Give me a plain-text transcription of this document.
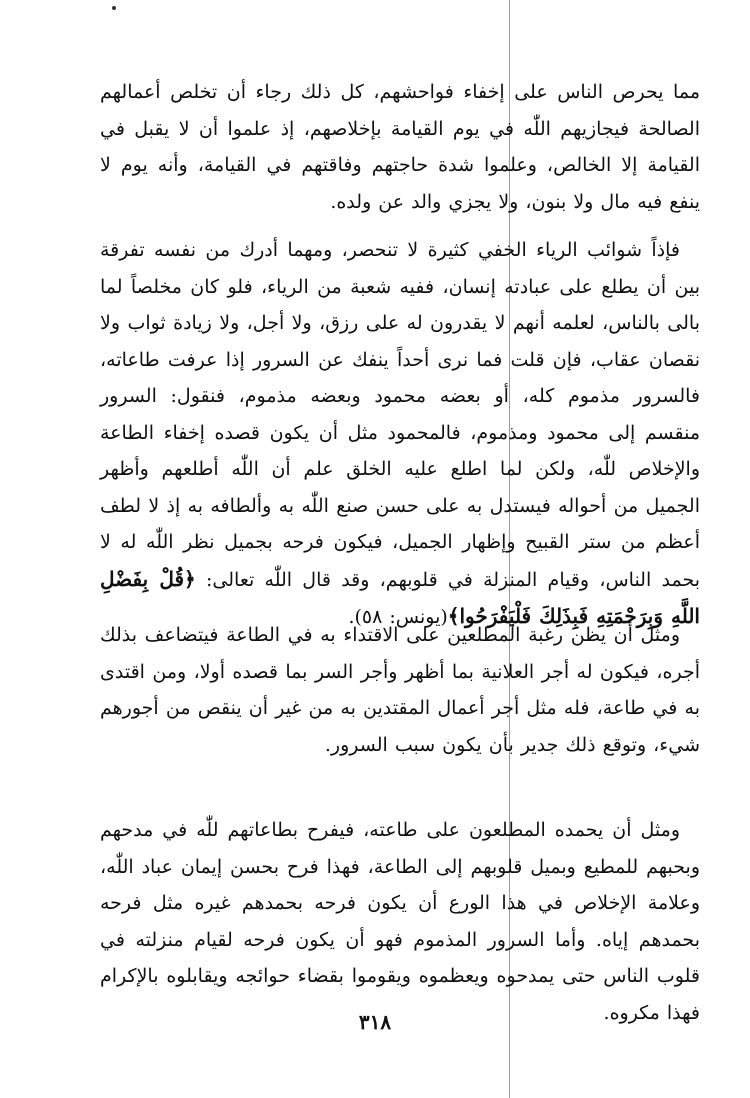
مما يحرص الناس على إخفاء فواحشهم، كل ذلك رجاء أن تخلص أعمالهم الصالحة فيجازيهم اللّٰه في يوم القيامة بإخلاصهم، إذ علموا أن لا يقبل في القيامة إلا الخالص، وعلموا شدة حاجتهم وفاقتهم في القيامة، وأنه يوم لا ينفع فيه مال ولا بنون، ولا يجزي والد عن ولده.

فإذاً شوائب الرياء الخفي كثيرة لا تنحصر، ومهما أدرك من نفسه تفرقة بين أن يطلع على عبادته إنسان، ففيه شعبة من الرياء، فلو كان مخلصاً لما بالى بالناس، لعلمه أنهم لا يقدرون له على رزق، ولا أجل، ولا زيادة ثواب ولا نقصان عقاب، فإن قلت فما نرى أحداً ينفك عن السرور إذا عرفت طاعاته، فالسرور مذموم كله، أو بعضه محمود وبعضه مذموم، فنقول: السرور منقسم إلى محمود ومذموم، فالمحمود مثل أن يكون قصده إخفاء الطاعة والإخلاص للّٰه، ولكن لما اطلع عليه الخلق علم أن اللّٰه أطلعهم وأظهر الجميل من أحواله فيستدل به على حسن صنع اللّٰه به وألطافه به إذ لا لطف أعظم من ستر القبيح وإظهار الجميل، فيكون فرحه بجميل نظر اللّٰه له لا بحمد الناس، وقيام المنزلة في قلوبهم، وقد قال اللّٰه تعالى: ﴿قُلْ بِفَضْلِ اللَّهِ وَبِرَحْمَتِهِ فَبِذَلِكَ فَلْيَفْرَحُوا﴾(يونس: ٥٨).

ومثل أن يظن رغبة المطلعين على الاقتداء به في الطاعة فيتضاعف بذلك أجره، فيكون له أجر العلانية بما أظهر وأجر السر بما قصده أولا، ومن اقتدى به في طاعة، فله مثل أجر أعمال المقتدين به من غير أن ينقص من أجورهم شيء، وتوقع ذلك جدير بأن يكون سبب السرور.

ومثل أن يحمده المطلعون على طاعته، فيفرح بطاعاتهم للّٰه في مدحهم وبحبهم للمطيع وبميل قلوبهم إلى الطاعة، فهذا فرح بحسن إيمان عباد اللّٰه، وعلامة الإخلاص في هذا الورع أن يكون فرحه بحمدهم غيره مثل فرحه بحمدهم إياه. وأما السرور المذموم فهو أن يكون فرحه لقيام منزلته في قلوب الناس حتى يمدحوه ويعظموه ويقوموا بقضاء حوائجه ويقابلوه بالإكرام فهذا مكروه.

٣١٨
